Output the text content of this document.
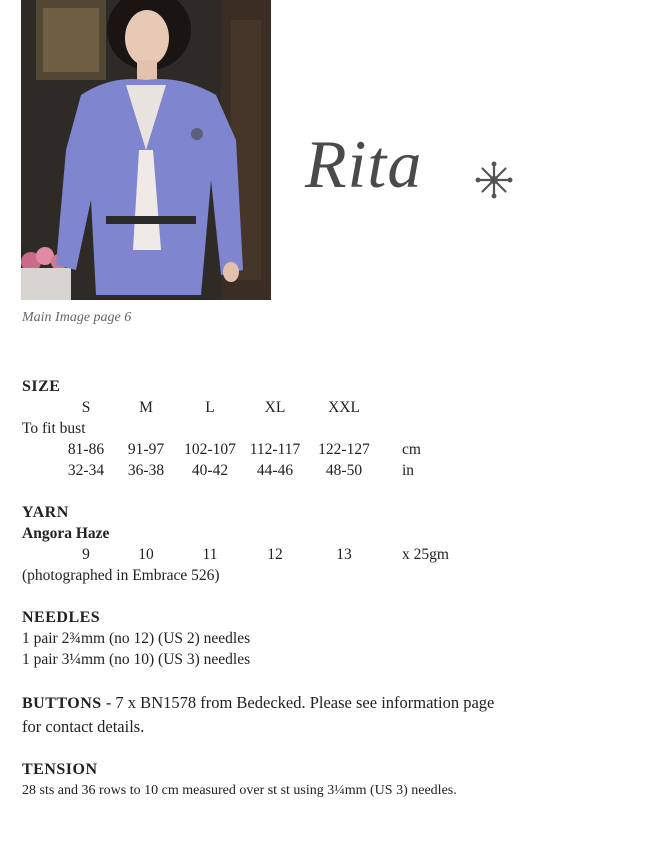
Main Image page 6
Rita
SIZE
S	M	L	XL	XXL
To fit bust
81-86	91-97	102-107 112-117	122-127 cm
32-34	36-38	40-42	44-46	48-50	in
YARN
Angora Haze
9	10	11	12	13	x 25gm
(photographed in Embrace 526)
NEEDLES
1 pair 2¾mm (no 12) (US 2) needles
1 pair 3¼mm (no 10) (US 3) needles
BUTTONS - 7 x BN1578 from Bedecked. Please see information page
for contact details.
TENSION
28 sts and 36 rows to 10 cm measured over st st using 3¼mm (US 3) needles.
